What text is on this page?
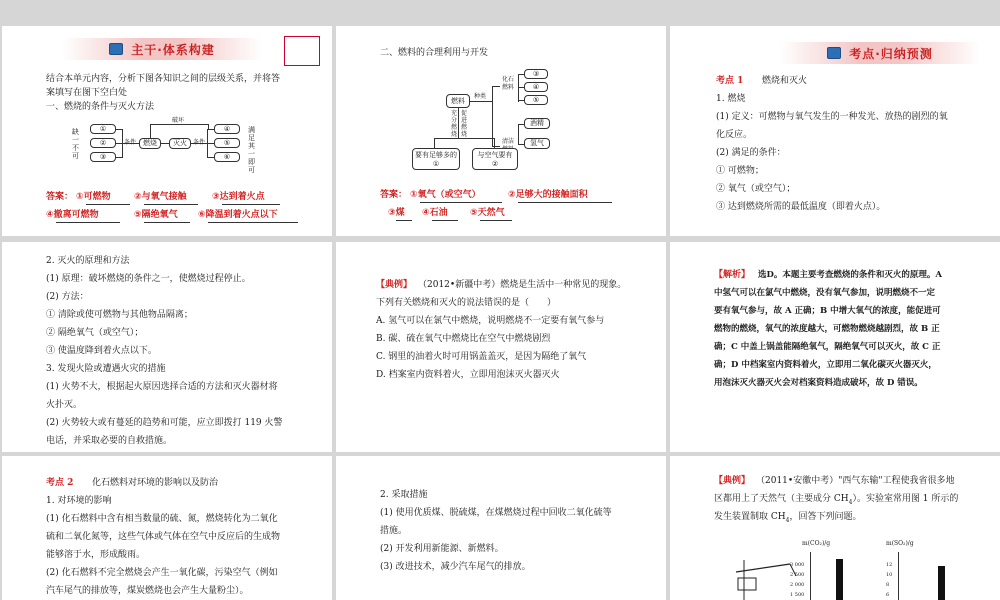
主干·体系构建
结合本单元内容，分析下图各知识之间的层级关系，并将答
案填写在图下空白处
一、燃烧的条件与灭火方法
缺一不可
①
②
③
燃烧	灭火
破坏
条件
④
⑤
⑥
满足其一即可
答案： ①可燃物	②与氧气接触	③达到着火点
④撤离可燃物	⑤隔绝氧气 ⑥降温到着火点以下
二、燃料的合理利用与开发
燃料
种类
化石燃料
③
④
⑤
清洁
酒精
氢气
充分燃烧
促进燃烧
要有足够多的
①
与空气要有
②
答案： ①氧气（或空气）	②足够大的接触面积
③煤 ④石油 ⑤天然气
考点·归纳预测
考点 1 燃烧和灭火
1. 燃烧
(1) 定义：可燃物与氧气发生的一种发光、放热的剧烈的氧
化反应。
(2) 满足的条件：
① 可燃物；
② 氧气（或空气）；
③ 达到燃烧所需的最低温度（即着火点）。
2. 灭火的原理和方法
(1) 原理：破坏燃烧的条件之一，使燃烧过程停止。
(2) 方法：
① 清除或使可燃物与其他物品隔离；
② 隔绝氧气（或空气）；
③ 使温度降到着火点以下。
3. 发现火险或遭遇火灾的措施
(1) 火势不大，根据起火原因选择合适的方法和灭火器材将
火扑灭。
(2) 火势较大或有蔓延的趋势和可能，应立即拨打 119 火警
电话，并采取必要的自救措施。
【典例】 （2012•新疆中考）燃烧是生活中一种常见的现象。
下列有关燃烧和灭火的说法错误的是（　　）
A. 氢气可以在氯气中燃烧，说明燃烧不一定要有氧气参与
B. 碳、硫在氧气中燃烧比在空气中燃烧剧烈
C. 钢里的油着火时可用锅盖盖灭，是因为隔绝了氧气
D. 档案室内资料着火，立即用泡沫灭火器灭火
【解析】 选D。本题主要考查燃烧的条件和灭火的原理。A
中氢气可以在氯气中燃烧，没有氧气参加，说明燃烧不一定
要有氧气参与，故 A 正确；B 中增大氧气的浓度，能促进可
燃物的燃烧，氧气的浓度越大，可燃物燃烧越剧烈，故 B 正
确；C 中盖上锅盖能隔绝氧气，隔绝氧气可以灭火，故 C 正
确；D 中档案室内资料着火，立即用二氧化碳灭火器灭火，
用泡沫灭火器灭火会对档案资料造成破坏，故 D 错误。
考点 2 化石燃料对环境的影响以及防治
1. 对环境的影响
(1) 化石燃料中含有相当数量的硫、氮，燃烧转化为二氧化
硫和二氧化氮等，这些气体或气体在空气中反应后的生成物
能够溶于水，形成酸雨。
(2) 化石燃料不完全燃烧会产生一氧化碳，污染空气（例如
汽车尾气的排放等，煤炭燃烧也会产生大量粉尘）。
2. 采取措施
(1) 使用优质煤、脱硫煤，在煤燃烧过程中回收二氧化硫等
措施。
(2) 开发利用新能源、新燃料。
(3) 改进技术，减少汽车尾气的排放。
【典例】 （2011•安徽中考）"西气东输"工程使我省很多地
区都用上了天然气（主要成分 $CH_4$）。实验室常用图 1 所示的
发生装置制取 $CH_4$，回答下列问题。
m(CO₂)/g
3 000
2 500
2 000
1 500
m(SO₂)/g
12
10
8
6
